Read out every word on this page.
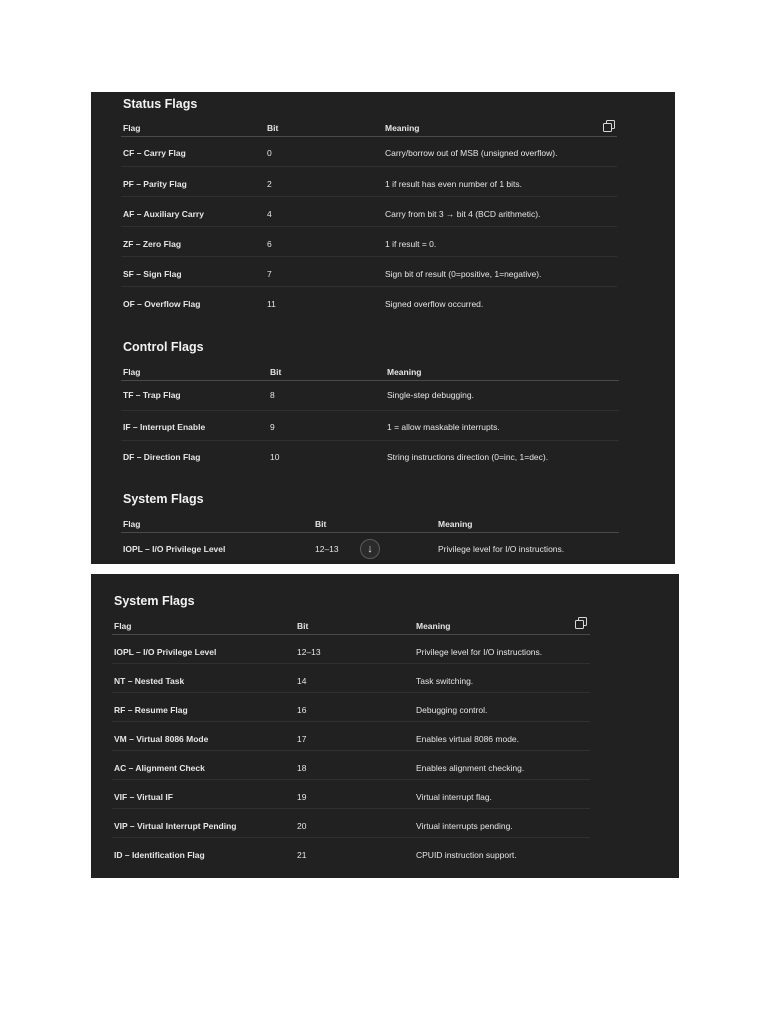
Status Flags
Control Flags
System Flags
↓
Flag	Bit	Meaning
CF – Carry Flag	0	Carry/borrow out of MSB (unsigned overflow).
PF – Parity Flag	2	1 if result has even number of 1 bits.
AF – Auxiliary Carry	4	Carry from bit 3 → bit 4 (BCD arithmetic).
ZF – Zero Flag	6	1 if result = 0.
SF – Sign Flag	7	Sign bit of result (0=positive, 1=negative).
OF – Overflow Flag	11	Signed overflow occurred.
Flag	Bit	Meaning
TF – Trap Flag	8	Single-step debugging.
IF – Interrupt Enable	9	1 = allow maskable interrupts.
DF – Direction Flag	10	String instructions direction (0=inc, 1=dec).
Flag	Bit	Meaning
IOPL – I/O Privilege Level	12–13	Privilege level for I/O instructions.
System Flags
Flag	Bit	Meaning
IOPL – I/O Privilege Level	12–13	Privilege level for I/O instructions.
NT – Nested Task	14	Task switching.
RF – Resume Flag	16	Debugging control.
VM – Virtual 8086 Mode	17	Enables virtual 8086 mode.
AC – Alignment Check	18	Enables alignment checking.
VIF – Virtual IF	19	Virtual interrupt flag.
VIP – Virtual Interrupt Pending	20	Virtual interrupts pending.
ID – Identification Flag	21	CPUID instruction support.
